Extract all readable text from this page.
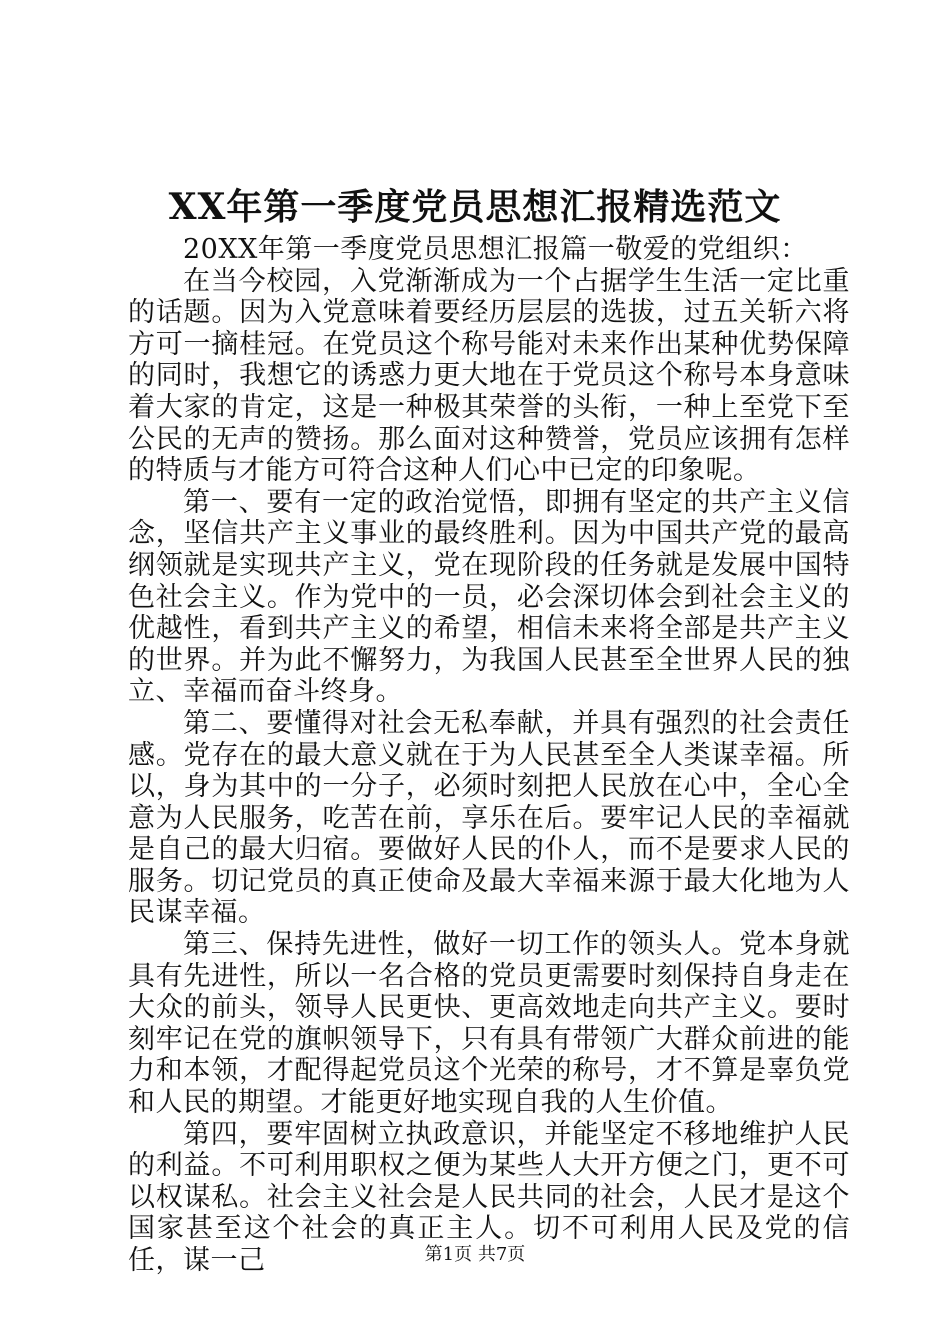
XX年第一季度党员思想汇报精选范文

20XX年第一季度党员思想汇报篇一敬爱的党组织：

在当今校园，入党渐渐成为一个占据学生生活一定比重的话题。因为入党意味着要经历层层的选拔，过五关斩六将方可一摘桂冠。在党员这个称号能对未来作出某种优势保障的同时，我想它的诱惑力更大地在于党员这个称号本身意味着大家的肯定，这是一种极其荣誉的头衔，一种上至党下至公民的无声的赞扬。那么面对这种赞誉，党员应该拥有怎样的特质与才能方可符合这种人们心中已定的印象呢。

第一、要有一定的政治觉悟，即拥有坚定的共产主义信念，坚信共产主义事业的最终胜利。因为中国共产党的最高纲领就是实现共产主义，党在现阶段的任务就是发展中国特色社会主义。作为党中的一员，必会深切体会到社会主义的优越性，看到共产主义的希望，相信未来将全部是共产主义的世界。并为此不懈努力，为我国人民甚至全世界人民的独立、幸福而奋斗终身。

第二、要懂得对社会无私奉献，并具有强烈的社会责任感。党存在的最大意义就在于为人民甚至全人类谋幸福。所以，身为其中的一分子，必须时刻把人民放在心中，全心全意为人民服务，吃苦在前，享乐在后。要牢记人民的幸福就是自己的最大归宿。要做好人民的仆人，而不是要求人民的服务。切记党员的真正使命及最大幸福来源于最大化地为人民谋幸福。

第三、保持先进性，做好一切工作的领头人。党本身就具有先进性，所以一名合格的党员更需要时刻保持自身走在大众的前头，领导人民更快、更高效地走向共产主义。要时刻牢记在党的旗帜领导下，只有具有带领广大群众前进的能力和本领，才配得起党员这个光荣的称号，才不算是辜负党和人民的期望。才能更好地实现自我的人生价值。

第四，要牢固树立执政意识，并能坚定不移地维护人民的利益。不可利用职权之便为某些人大开方便之门，更不可以权谋私。社会主义社会是人民共同的社会，人民才是这个国家甚至这个社会的真正主人。切不可利用人民及党的信任，谋一己	第1页 共7页
